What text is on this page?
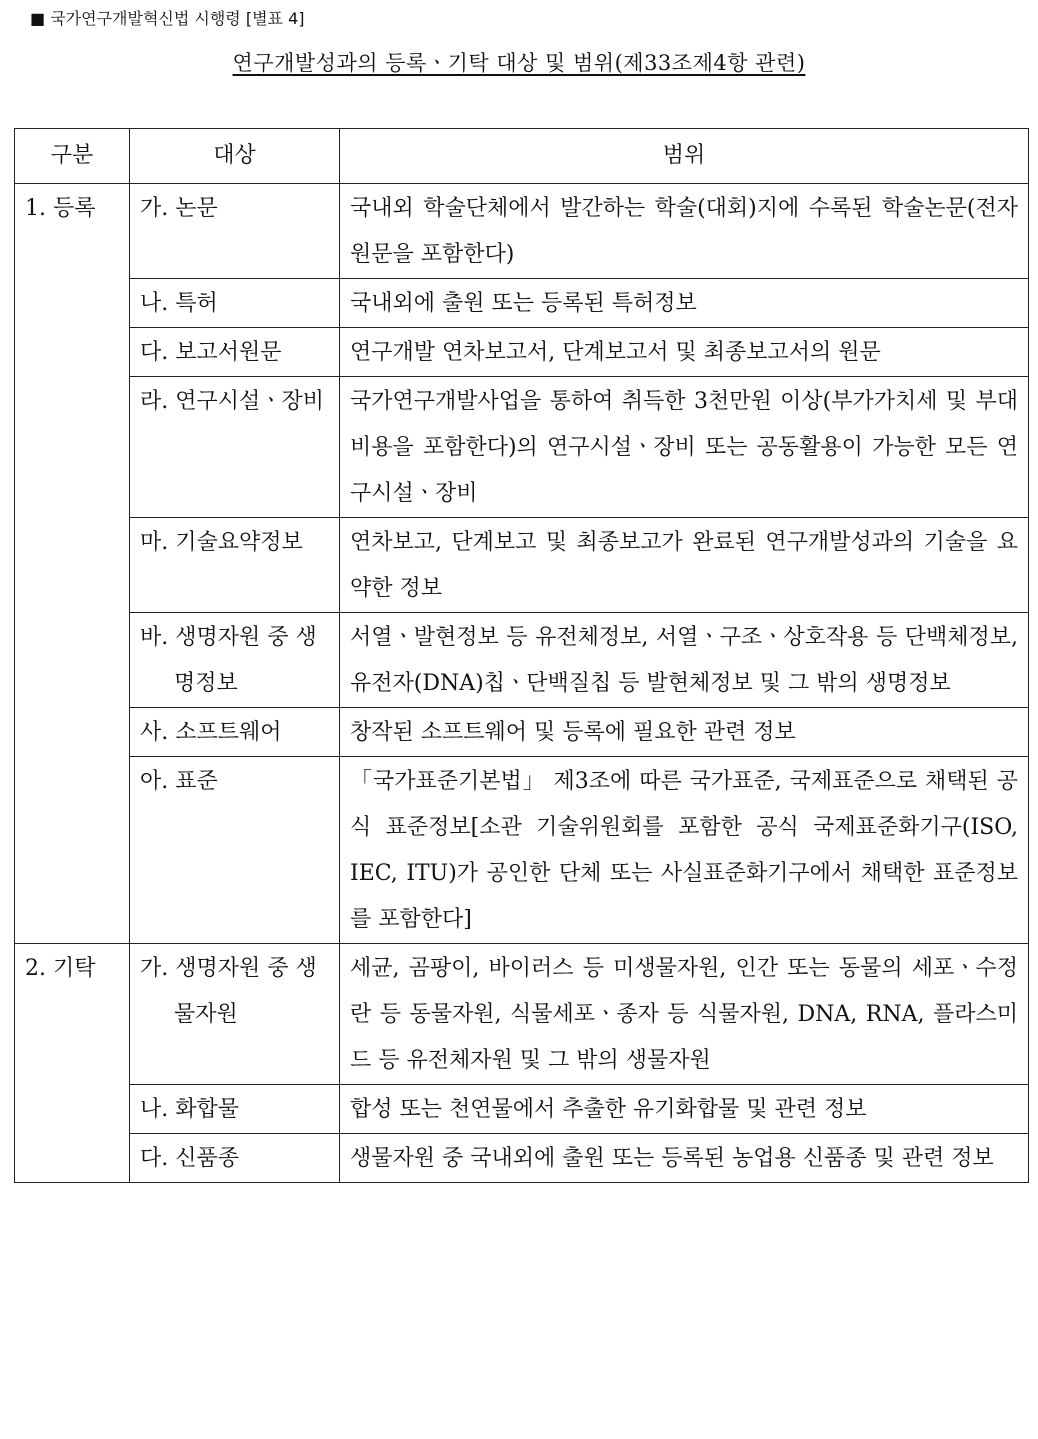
■ 국가연구개발혁신법 시행령 [별표 4]
연구개발성과의 등록ㆍ기탁 대상 및 범위(제33조제4항 관련)
구분	대상	범위
1. 등록	가. 논문	국내외 학술단체에서 발간하는 학술(대회)지에 수록된 학술논문(전자원문을 포함한다)

	나. 특허	국내외에 출원 또는 등록된 특허정보

	다. 보고서원문	연구개발 연차보고서, 단계보고서 및 최종보고서의 원문

	라. 연구시설ㆍ장비	국가연구개발사업을 통하여 취득한 3천만원 이상(부가가치세 및 부대비용을 포함한다)의 연구시설ㆍ장비 또는 공동활용이 가능한 모든 연구시설ㆍ장비

	마. 기술요약정보	연차보고, 단계보고 및 최종보고가 완료된 연구개발성과의 기술을 요약한 정보

	바. 생명자원 중 생명정보	서열ㆍ발현정보 등 유전체정보, 서열ㆍ구조ㆍ상호작용 등 단백체정보, 유전자(DNA)칩ㆍ단백질칩 등 발현체정보 및 그 밖의 생명정보

	사. 소프트웨어	창작된 소프트웨어 및 등록에 필요한 관련 정보

	아. 표준	「국가표준기본법」 제3조에 따른 국가표준, 국제표준으로 채택된 공식 표준정보[소관 기술위원회를 포함한 공식 국제표준화기구(ISO, IEC, ITU)가 공인한 단체 또는 사실표준화기구에서 채택한 표준정보를 포함한다]
2. 기탁	가. 생명자원 중 생물자원	세균, 곰팡이, 바이러스 등 미생물자원, 인간 또는 동물의 세포ㆍ수정란 등 동물자원, 식물세포ㆍ종자 등 식물자원, DNA, RNA, 플라스미드 등 유전체자원 및 그 밖의 생물자원

	나. 화합물	합성 또는 천연물에서 추출한 유기화합물 및 관련 정보

	다. 신품종	생물자원 중 국내외에 출원 또는 등록된 농업용 신품종 및 관련 정보
